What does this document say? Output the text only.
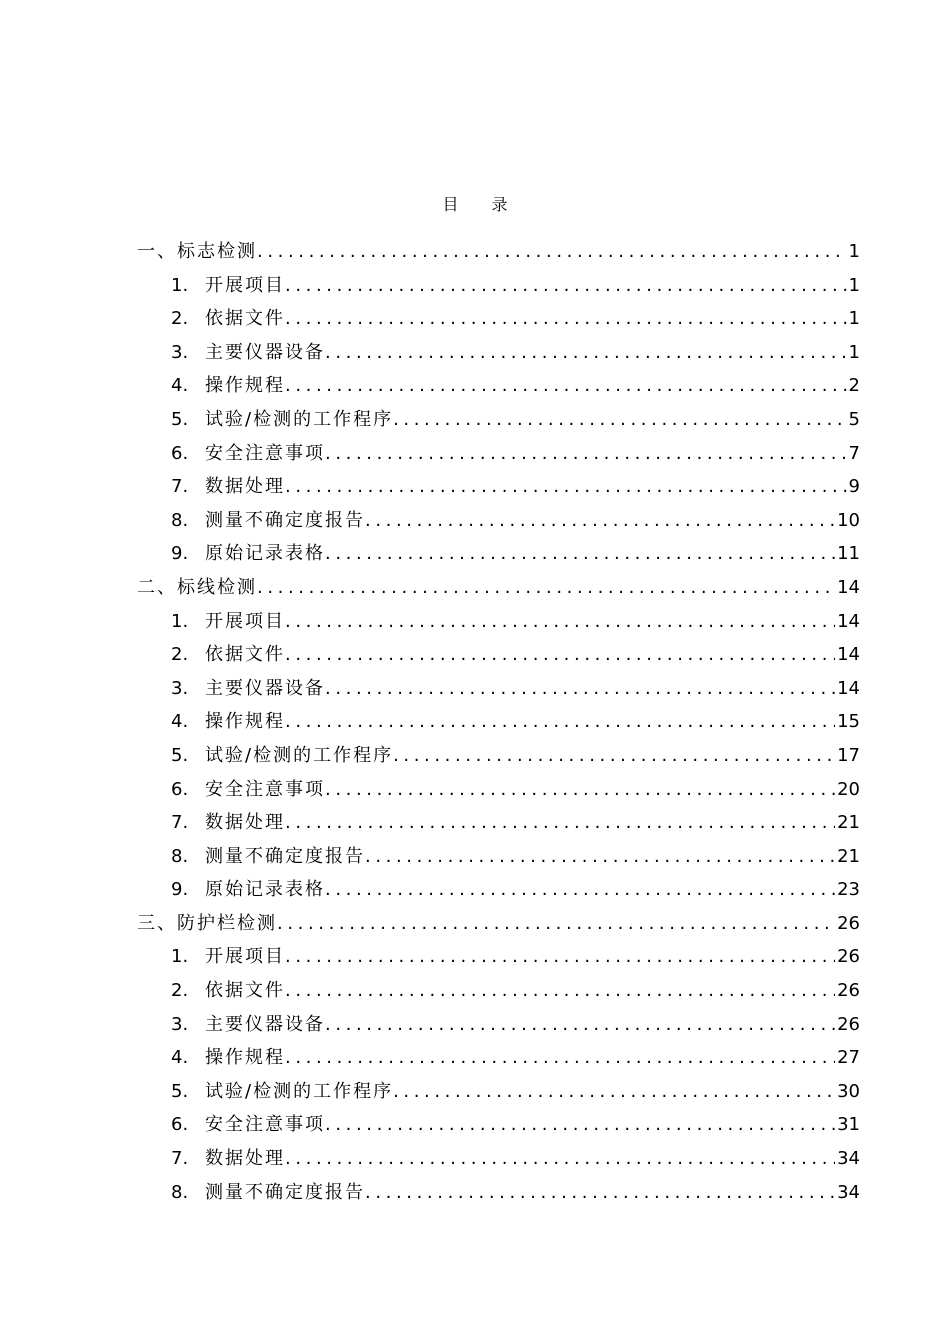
目 录
一、标志检测 .....	1
1. 开展项目 .....	1
2. 依据文件 .....	1
3. 主要仪器设备 .....	1
4. 操作规程 .....	2
5. 试验/检测的工作程序 .....	5
6. 安全注意事项 .....	7
7. 数据处理 .....	9
8. 测量不确定度报告 .....	10
9. 原始记录表格 .....	11
二、标线检测 .....	14
1. 开展项目 .....	14
2. 依据文件 .....	14
3. 主要仪器设备 .....	14
4. 操作规程 .....	15
5. 试验/检测的工作程序 .....	17
6. 安全注意事项 .....	20
7. 数据处理 .....	21
8. 测量不确定度报告 .....	21
9. 原始记录表格 .....	23
三、防护栏检测 .....	26
1. 开展项目 .....	26
2. 依据文件 .....	26
3. 主要仪器设备 .....	26
4. 操作规程 .....	27
5. 试验/检测的工作程序 .....	30
6. 安全注意事项 .....	31
7. 数据处理 .....	34
8. 测量不确定度报告 .....	34
